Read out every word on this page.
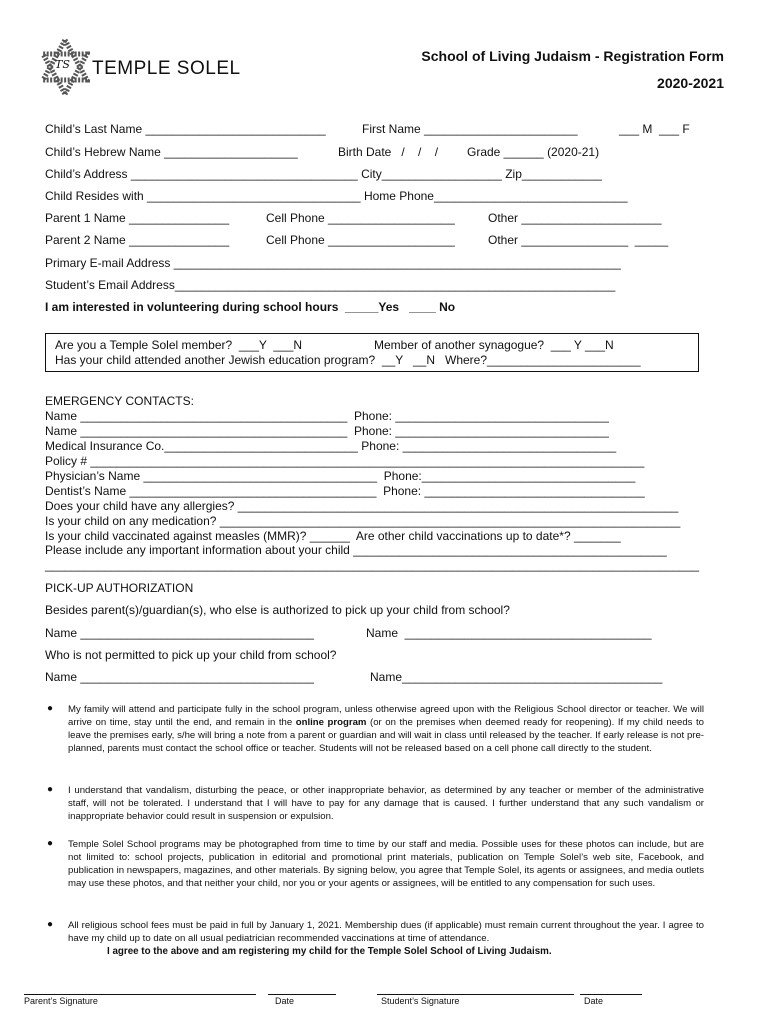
TS

TEMPLE SOLEL

School of Living Judaism - Registration Form
2020-2021
Child’s Last Name ___________________________	First Name _______________________	___ M  ___ F
Child’s Hebrew Name ____________________	Birth Date   /    /    / Grade ______ (2020-21)
Child’s Address __________________________________ City__________________ Zip____________
Child Resides with ________________________________ Home Phone_____________________________
Parent 1 Name _______________	Cell Phone ___________________	Other _____________________
Parent 2 Name _______________	Cell Phone ___________________	Other ________________  _____
Primary E-mail Address ___________________________________________________________________
Student’s Email Address__________________________________________________________________
I am interested in volunteering during school hours  _____Yes   ____ No
Are you a Temple Solel member?  ___Y  ___N	Member of another synagogue?  ___ Y ___N
Has your child attended another Jewish education program?  __Y   __N   Where?_______________________
EMERGENCY CONTACTS:
Name ________________________________________  Phone: ________________________________
Name ________________________________________  Phone: ________________________________
Medical Insurance Co._____________________________ Phone: ________________________________
Policy # ___________________________________________________________________________________
Physician’s Name ___________________________________  Phone:________________________________
Dentist’s Name _____________________________________  Phone: _________________________________
Does your child have any allergies? __________________________________________________________________
Is your child on any medication? _____________________________________________________________________
Is your child vaccinated against measles (MMR)? ______  Are other child vaccinations up to date*? _______
Please include any important information about your child _______________________________________________
__________________________________________________________________________________________________
PICK-UP AUTHORIZATION
Besides parent(s)/guardian(s), who else is authorized to pick up your child from school?
Name ___________________________________	Name  _____________________________________
Who is not permitted to pick up your child from school?
Name ___________________________________	Name_______________________________________
● My family will attend and participate fully in the school program, unless otherwise agreed upon with the Religious School director or teacher. We will arrive on time, stay until the end, and remain in the online program (or on the premises when deemed ready for reopening). If my child needs to leave the premises early, s/he will bring a note from a parent or guardian and will wait in class until released by the teacher. If early release is not pre-planned, parents must contact the school office or teacher. Students will not be released based on a cell phone call directly to the student.
● I understand that vandalism, disturbing the peace, or other inappropriate behavior, as determined by any teacher or member of the administrative staff, will not be tolerated. I understand that I will have to pay for any damage that is caused. I further understand that any such vandalism or inappropriate behavior could result in suspension or expulsion.
● Temple Solel School programs may be photographed from time to time by our staff and media. Possible uses for these photos can include, but are not limited to: school projects, publication in editorial and promotional print materials, publication on Temple Solel’s web site, Facebook, and publication in newspapers, magazines, and other materials. By signing below, you agree that Temple Solel, its agents or assignees, and media outlets may use these photos, and that neither your child, nor you or your agents or assignees, will be entitled to any compensation for such uses.
● All religious school fees must be paid in full by January 1, 2021. Membership dues (if applicable) must remain current throughout the year. I agree to have my child up to date on all usual pediatrician recommended vaccinations at time of attendance.
I agree to the above and am registering my child for the Temple Solel School of Living Judaism.
Parent’s Signature	Date	Student’s Signature	Date
